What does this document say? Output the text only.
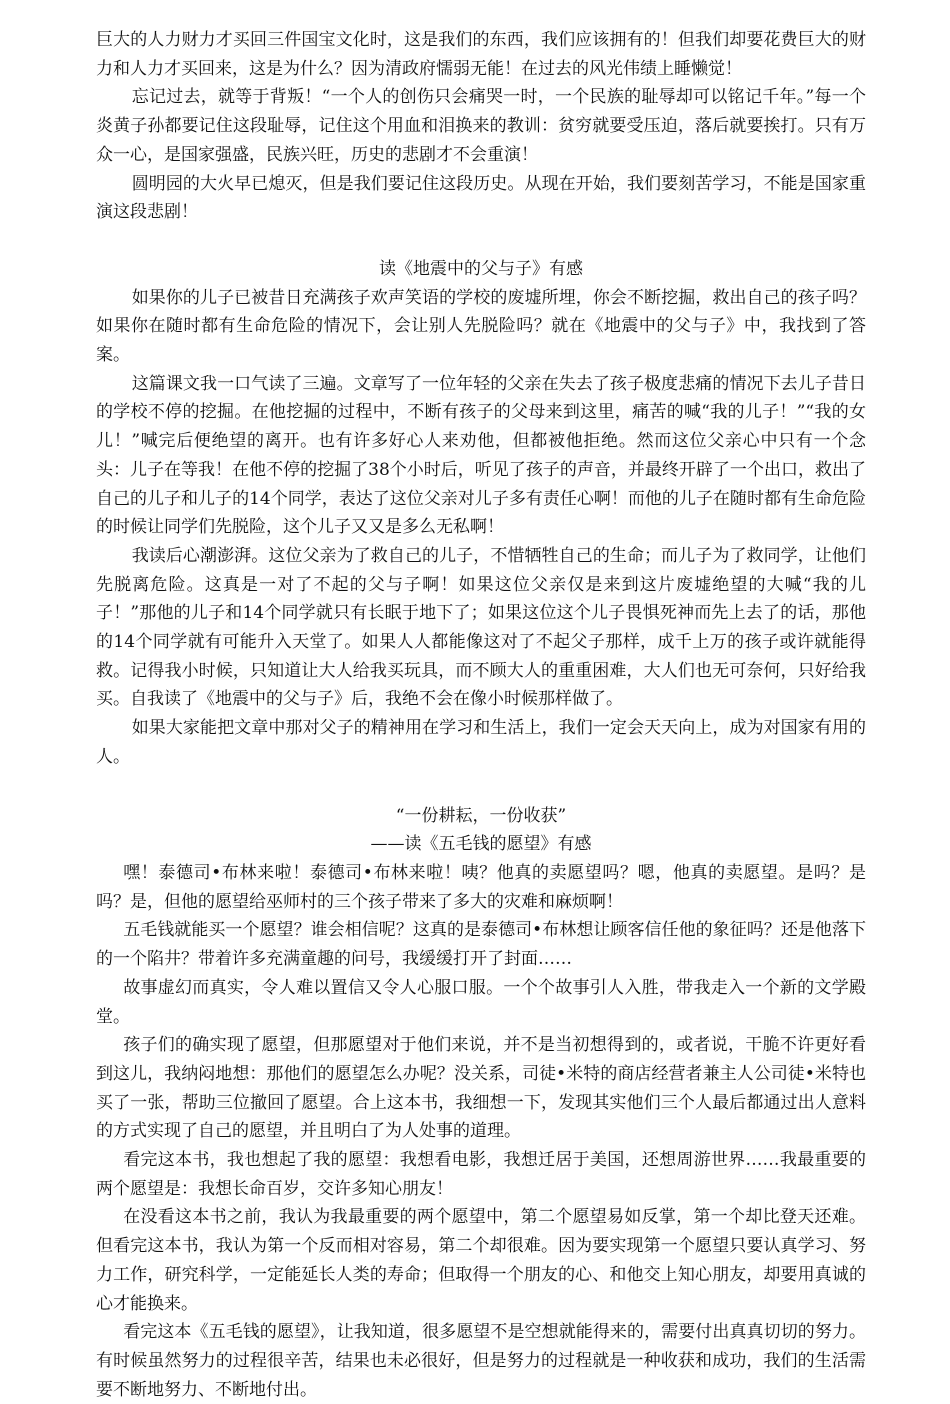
巨大的人力财力才买回三件国宝文化时，这是我们的东西，我们应该拥有的！但我们却要花费巨大的财力和人力才买回来，这是为什么？因为清政府懦弱无能！在过去的风光伟绩上睡懒觉！

忘记过去，就等于背叛！“一个人的创伤只会痛哭一时，一个民族的耻辱却可以铭记千年。”每一个炎黄子孙都要记住这段耻辱，记住这个用血和泪换来的教训：贫穷就要受压迫，落后就要挨打。只有万众一心，是国家强盛，民族兴旺，历史的悲剧才不会重演！

圆明园的大火早已熄灭，但是我们要记住这段历史。从现在开始，我们要刻苦学习，不能是国家重演这段悲剧！

读《地震中的父与子》有感

如果你的儿子已被昔日充满孩子欢声笑语的学校的废墟所埋，你会不断挖掘，救出自己的孩子吗？如果你在随时都有生命危险的情况下，会让别人先脱险吗？就在《地震中的父与子》中，我找到了答案。

这篇课文我一口气读了三遍。文章写了一位年轻的父亲在失去了孩子极度悲痛的情况下去儿子昔日的学校不停的挖掘。在他挖掘的过程中，不断有孩子的父母来到这里，痛苦的喊“我的儿子！”“我的女儿！”喊完后便绝望的离开。也有许多好心人来劝他，但都被他拒绝。然而这位父亲心中只有一个念头：儿子在等我！在他不停的挖掘了38个小时后，听见了孩子的声音，并最终开辟了一个出口，救出了自己的儿子和儿子的14个同学，表达了这位父亲对儿子多有责任心啊！而他的儿子在随时都有生命危险的时候让同学们先脱险，这个儿子又又是多么无私啊！

我读后心潮澎湃。这位父亲为了救自己的儿子，不惜牺牲自己的生命；而儿子为了救同学，让他们先脱离危险。这真是一对了不起的父与子啊！如果这位父亲仅是来到这片废墟绝望的大喊“我的儿子！”那他的儿子和14个同学就只有长眠于地下了；如果这位这个儿子畏惧死神而先上去了的话，那他的14个同学就有可能升入天堂了。如果人人都能像这对了不起父子那样，成千上万的孩子或许就能得救。记得我小时候，只知道让大人给我买玩具，而不顾大人的重重困难，大人们也无可奈何，只好给我买。自我读了《地震中的父与子》后，我绝不会在像小时候那样做了。

如果大家能把文章中那对父子的精神用在学习和生活上，我们一定会天天向上，成为对国家有用的人。

“一份耕耘，一份收获”

——读《五毛钱的愿望》有感

嘿！泰德司•布林来啦！泰德司•布林来啦！咦？他真的卖愿望吗？嗯，他真的卖愿望。是吗？是吗？是，但他的愿望给巫师村的三个孩子带来了多大的灾难和麻烦啊！

五毛钱就能买一个愿望？谁会相信呢？这真的是泰德司•布林想让顾客信任他的象征吗？还是他落下的一个陷井？带着许多充满童趣的问号，我缓缓打开了封面……

故事虚幻而真实，令人难以置信又令人心服口服。一个个故事引人入胜，带我走入一个新的文学殿堂。

孩子们的确实现了愿望，但那愿望对于他们来说，并不是当初想得到的，或者说，干脆不许更好看到这儿，我纳闷地想：那他们的愿望怎么办呢？没关系，司徒•米特的商店经营者兼主人公司徒•米特也买了一张，帮助三位撤回了愿望。合上这本书，我细想一下，发现其实他们三个人最后都通过出人意料的方式实现了自己的愿望，并且明白了为人处事的道理。

看完这本书，我也想起了我的愿望：我想看电影，我想迁居于美国，还想周游世界……我最重要的两个愿望是：我想长命百岁，交许多知心朋友！

在没看这本书之前，我认为我最重要的两个愿望中，第二个愿望易如反掌，第一个却比登天还难。但看完这本书，我认为第一个反而相对容易，第二个却很难。因为要实现第一个愿望只要认真学习、努力工作，研究科学，一定能延长人类的寿命；但取得一个朋友的心、和他交上知心朋友，却要用真诚的心才能换来。

看完这本《五毛钱的愿望》，让我知道，很多愿望不是空想就能得来的，需要付出真真切切的努力。有时候虽然努力的过程很辛苦，结果也未必很好，但是努力的过程就是一种收获和成功，我们的生活需要不断地努力、不断地付出。
